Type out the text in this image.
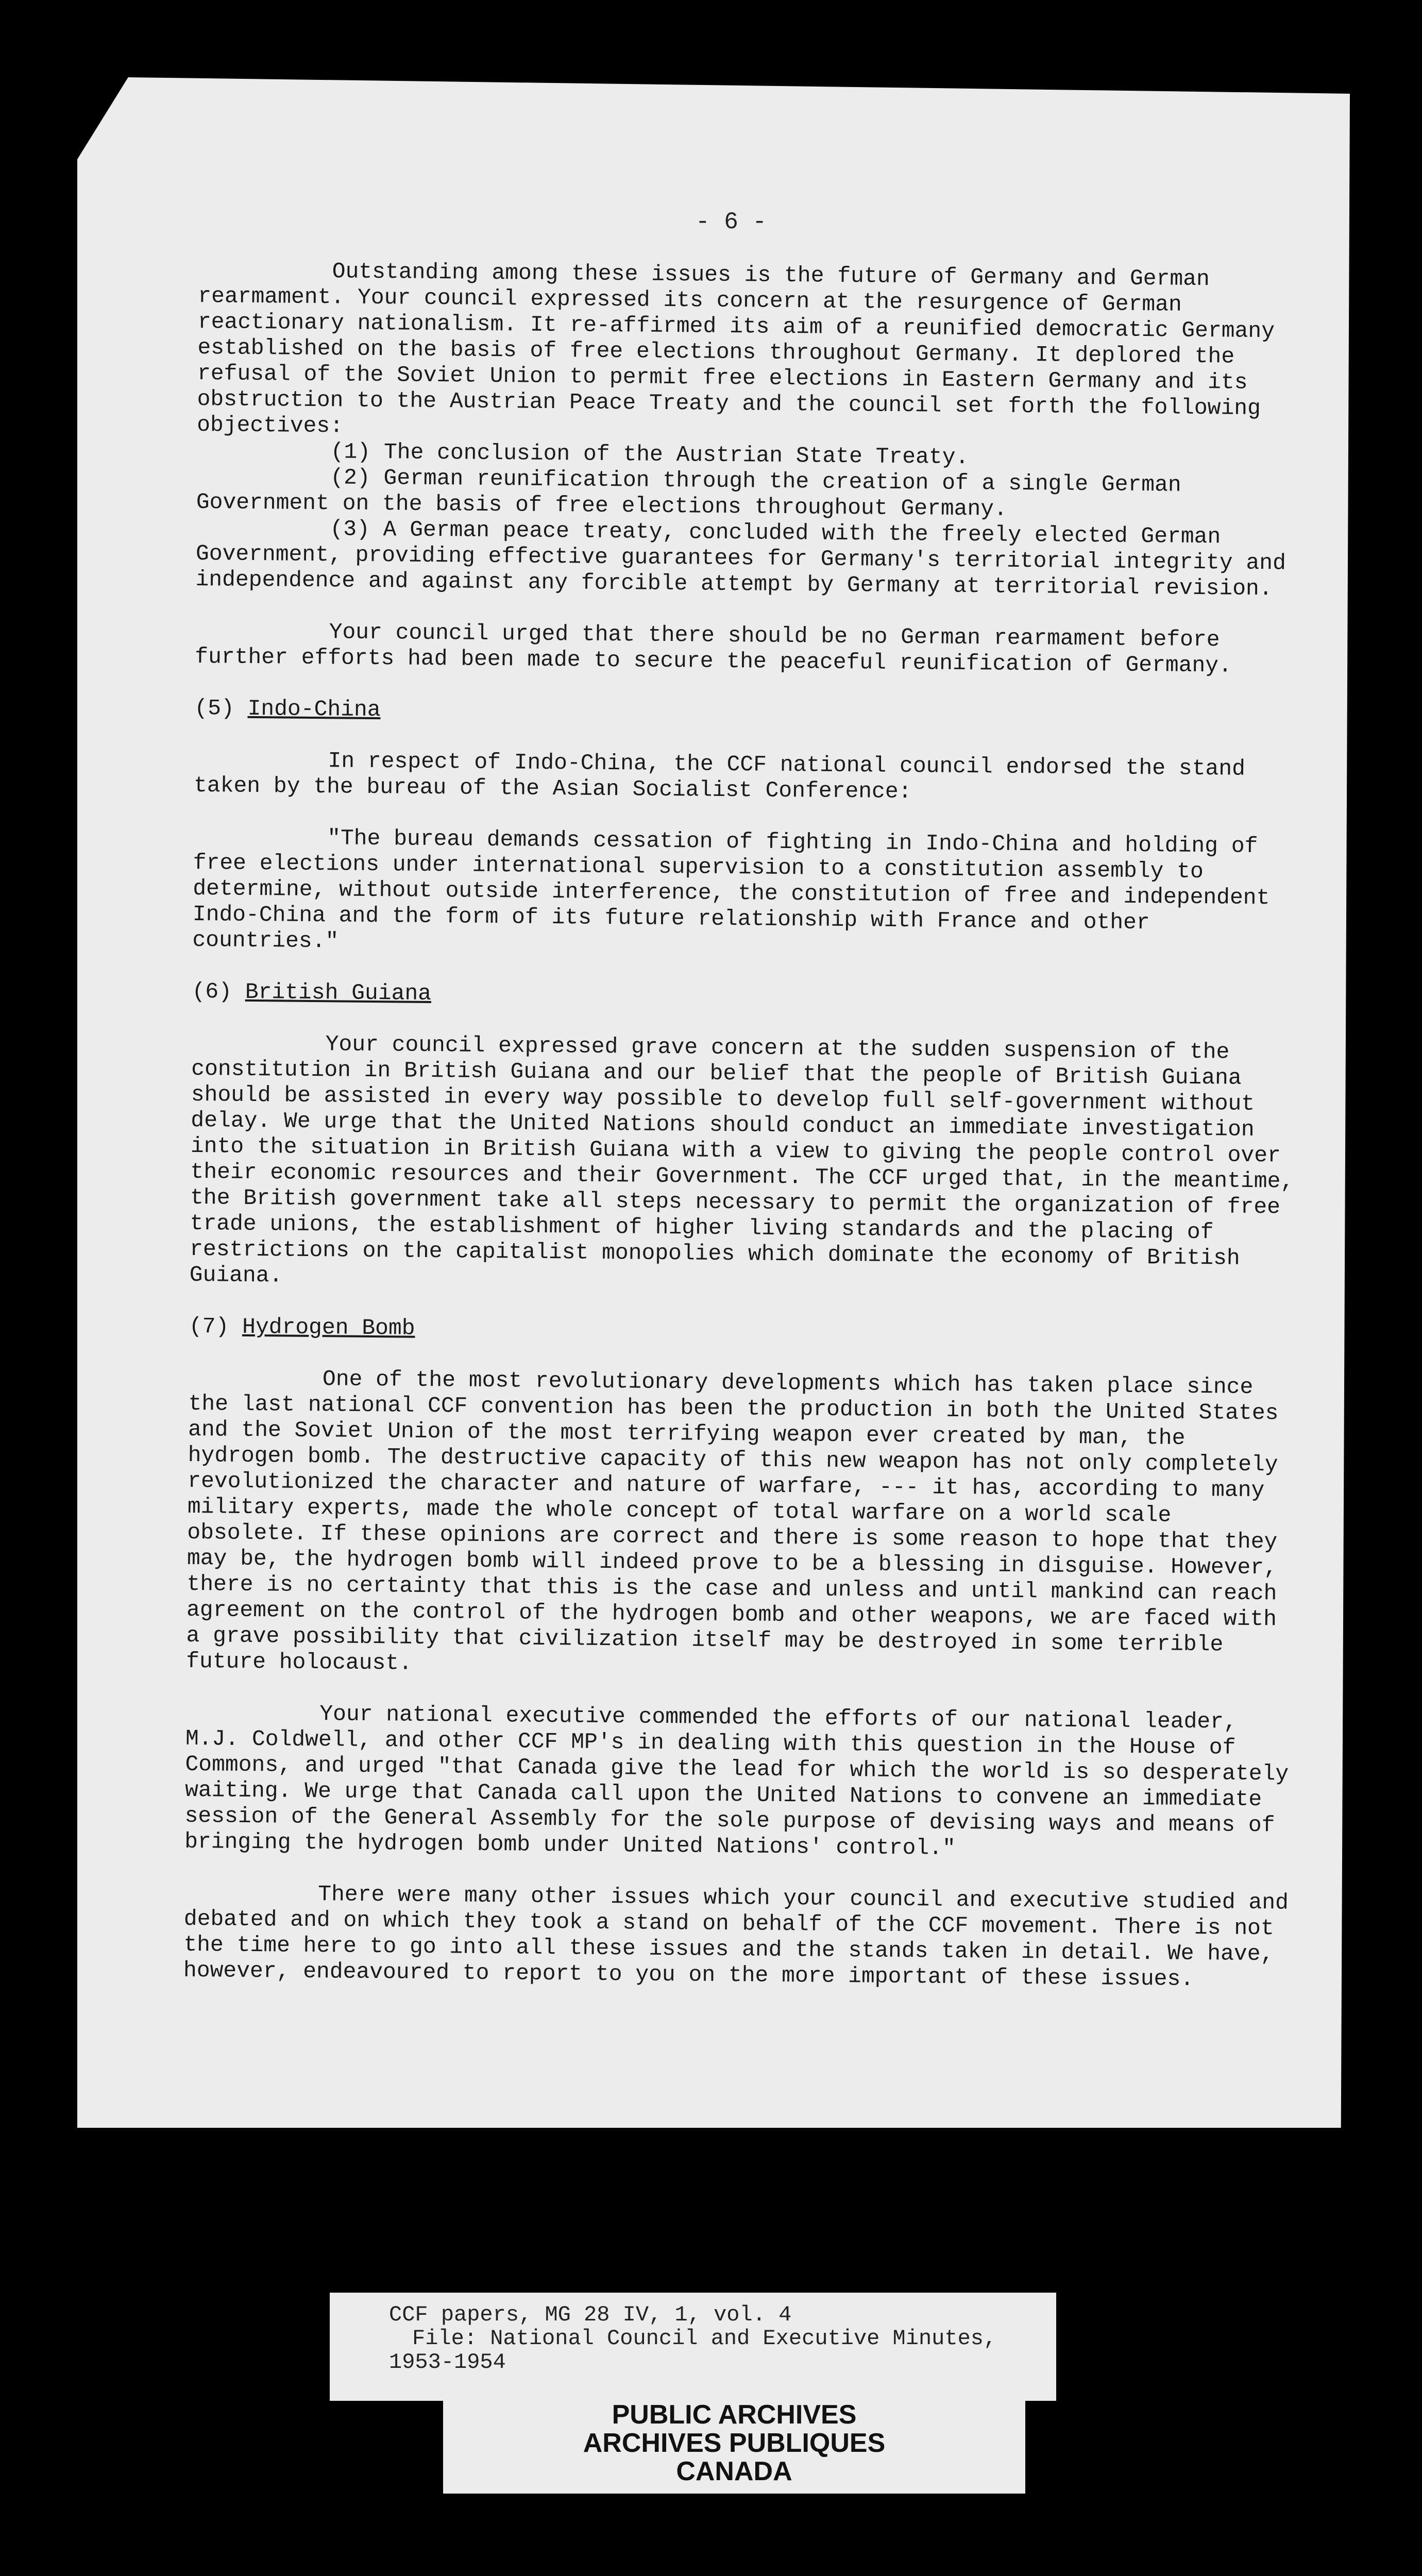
- 6 -

Outstanding among these issues is the future of Germany and German rearmament. Your council expressed its concern at the resurgence of German reactionary nationalism. It re-affirmed its aim of a reunified democratic Germany established on the basis of free elections throughout Germany. It deplored the refusal of the Soviet Union to permit free elections in Eastern Germany and its obstruction to the Austrian Peace Treaty and the council set forth the following objectives:

(1) The conclusion of the Austrian State Treaty.

(2) German reunification through the creation of a single German Government on the basis of free elections throughout Germany.

(3) A German peace treaty, concluded with the freely elected German Government, providing effective guarantees for Germany's territorial integrity and independence and against any forcible attempt by Germany at territorial revision.

Your council urged that there should be no German rearmament before further efforts had been made to secure the peaceful reunification of Germany.

(5) Indo-China

In respect of Indo-China, the CCF national council endorsed the stand taken by the bureau of the Asian Socialist Conference:

"The bureau demands cessation of fighting in Indo-China and holding of free elections under international supervision to a constitution assembly to determine, without outside interference, the constitution of free and independent Indo-China and the form of its future relationship with France and other countries."

(6) British Guiana

Your council expressed grave concern at the sudden suspension of the constitution in British Guiana and our belief that the people of British Guiana should be assisted in every way possible to develop full self-government without delay. We urge that the United Nations should conduct an immediate investigation into the situation in British Guiana with a view to giving the people control over their economic resources and their Government. The CCF urged that, in the meantime, the British government take all steps necessary to permit the organization of free trade unions, the establishment of higher living standards and the placing of restrictions on the capitalist monopolies which dominate the economy of British Guiana.

(7) Hydrogen Bomb

One of the most revolutionary developments which has taken place since the last national CCF convention has been the production in both the United States and the Soviet Union of the most terrifying weapon ever created by man, the hydrogen bomb. The destructive capacity of this new weapon has not only completely revolutionized the character and nature of warfare, --- it has, according to many military experts, made the whole concept of total warfare on a world scale obsolete. If these opinions are correct and there is some reason to hope that they may be, the hydrogen bomb will indeed prove to be a blessing in disguise. However, there is no certainty that this is the case and unless and until mankind can reach agreement on the control of the hydrogen bomb and other weapons, we are faced with a grave possibility that civilization itself may be destroyed in some terrible future holocaust.

Your national executive commended the efforts of our national leader, M.J. Coldwell, and other CCF MP's in dealing with this question in the House of Commons, and urged "that Canada give the lead for which the world is so desperately waiting. We urge that Canada call upon the United Nations to convene an immediate session of the General Assembly for the sole purpose of devising ways and means of bringing the hydrogen bomb under United Nations' control."

There were many other issues which your council and executive studied and debated and on which they took a stand on behalf of the CCF movement. There is not the time here to go into all these issues and the stands taken in detail. We have, however, endeavoured to report to you on the more important of these issues.

CCF papers, MG 28 IV, 1, vol. 4
File: National Council and Executive Minutes,
1953-1954
PUBLIC ARCHIVES
ARCHIVES PUBLIQUES
CANADA
